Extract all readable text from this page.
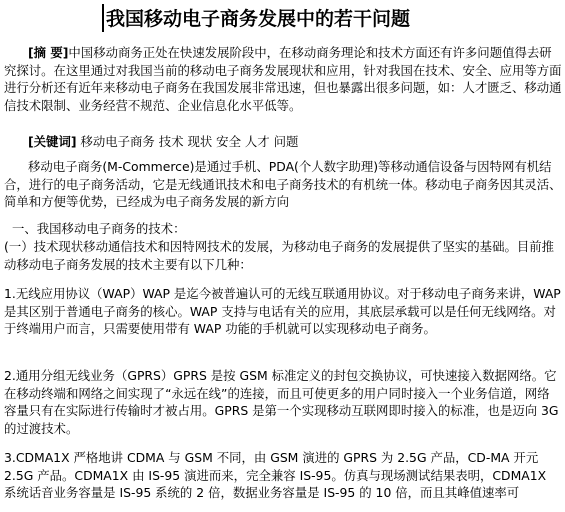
我国移动电子商务发展中的若干问题

[摘 要]中国移动商务正处在快速发展阶段中，在移动商务理论和技术方面还有许多问题值得去研究探讨。在这里通过对我国当前的移动电子商务发展现状和应用，针对我国在技术、安全、应用等方面进行分析还有近年来移动电子商务在我国发展非常迅速，但也暴露出很多问题，如：人才匮乏、移动通信技术限制、业务经营不规范、企业信息化水平低等。

[关键词] 移动电子商务 技术 现状 安全 人才 问题

移动电子商务(M-Commerce)是通过手机、PDA(个人数字助理)等移动通信设备与因特网有机结合，进行的电子商务活动，它是无线通讯技术和电子商务技术的有机统一体。移动电子商务因其灵活、简单和方便等优势，已经成为电子商务发展的新方向

一、我国移动电子商务的技术：

(一）技术现状移动通信技术和因特网技术的发展，为移动电子商务的发展提供了坚实的基础。目前推动移动电子商务发展的技术主要有以下几种：

1.无线应用协议（WAP）WAP 是迄今被普遍认可的无线互联通用协议。对于移动电子商务来讲，WAP 是其区别于普通电子商务的核心。WAP 支持与电话有关的应用，其底层承载可以是任何无线网络。对于终端用户而言，只需要使用带有 WAP 功能的手机就可以实现移动电子商务。

2.通用分组无线业务（GPRS）GPRS 是按 GSM 标准定义的封包交换协议，可快速接入数据网络。它在移动终端和网络之间实现了“永远在线”的连接，而且可使更多的用户同时接入一个业务信道，网络容量只有在实际进行传输时才被占用。GPRS 是第一个实现移动互联网即时接入的标准，也是迈向 3G 的过渡技术。

3.CDMA1X 严格地讲 CDMA 与 GSM 不同，由 GSM 演进的 GPRS 为 2.5G 产品，CD-MA 开元 2.5G 产品。CDMA1X 由 IS-95 演进而来，完全兼容 IS-95。仿真与现场测试结果表明，CDMA1X 系统话音业务容量是 IS-95 系统的 2 倍，数据业务容量是 IS-95 的 10 倍，而且其峰值速率可
